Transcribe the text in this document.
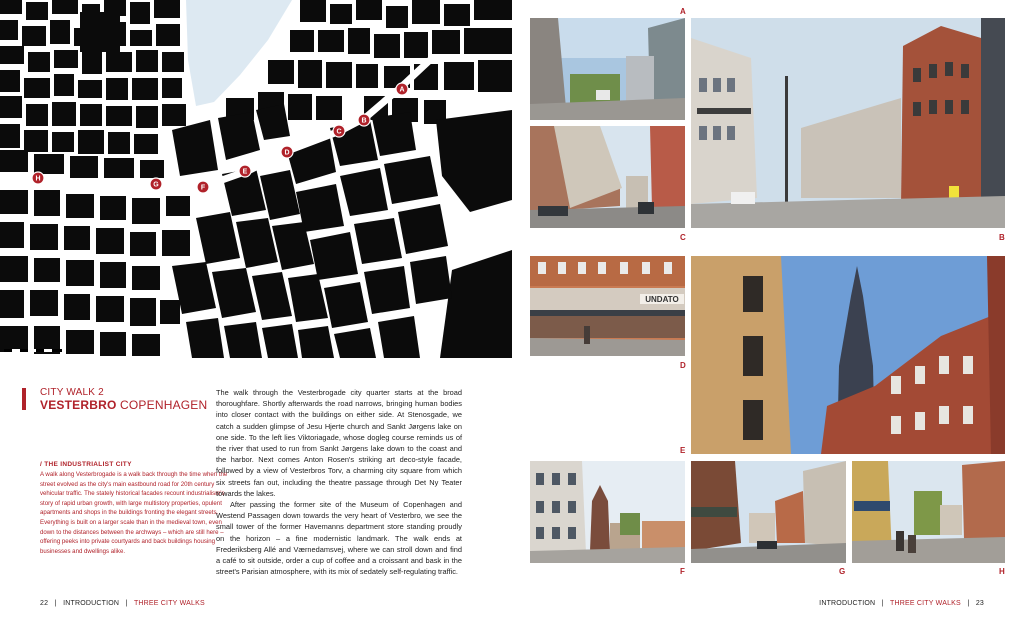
A
B
C
D
E
F
G
H
CITY WALK 2
VESTERBRO COPENHAGEN
/ THE INDUSTRIALIST CITY
A walk along Vesterbrogade is a walk back through the time when the street evolved as the city's main eastbound road for 20th century vehicular traffic. The stately historical facades recount industrialism's story of rapid urban growth, with large multistory properties, opulent apartments and shops in the buildings fronting the elegant streets. Everything is built on a larger scale than in the medieval town, even down to the distances between the archways – which are still here – offering peeks into private courtyards and back buildings housing businesses and dwellings alike.

The walk through the Vesterbrogade city quarter starts at the broad thoroughfare. Shortly afterwards the road narrows, bringing human bodies into closer contact with the buildings on either side. At Stenosgade, we catch a sudden glimpse of Jesu Hjerte church and Sankt Jørgens lake on one side. To the left lies Viktoriagade, whose dogleg course reminds us of the river that used to run from Sankt Jørgens lake down to the coast and the harbor. Next comes Anton Rosen's striking art deco-style facade, followed by a view of Vesterbros Torv, a charming city square from which six streets fan out, including the theatre passage through Det Ny Teater towards the lakes.

After passing the former site of the Museum of Copenhagen and Westend Passagen down towards the very heart of Vesterbro, we see the small tower of the former Havemanns department store standing proudly on the horizon – a fine modernistic landmark. The walk ends at Frederiksberg Allé and Værnedamsvej, where we can stroll down and find a café to sit outside, order a cup of coffee and a croissant and bask in the street's Parisian atmosphere, with its mix of sedately self-regulating traffic.

22 | INTRODUCTION | THREE CITY WALKS
A
B
C
UNDATO
D
E
F	G	H
INTRODUCTION | THREE CITY WALKS | 23
